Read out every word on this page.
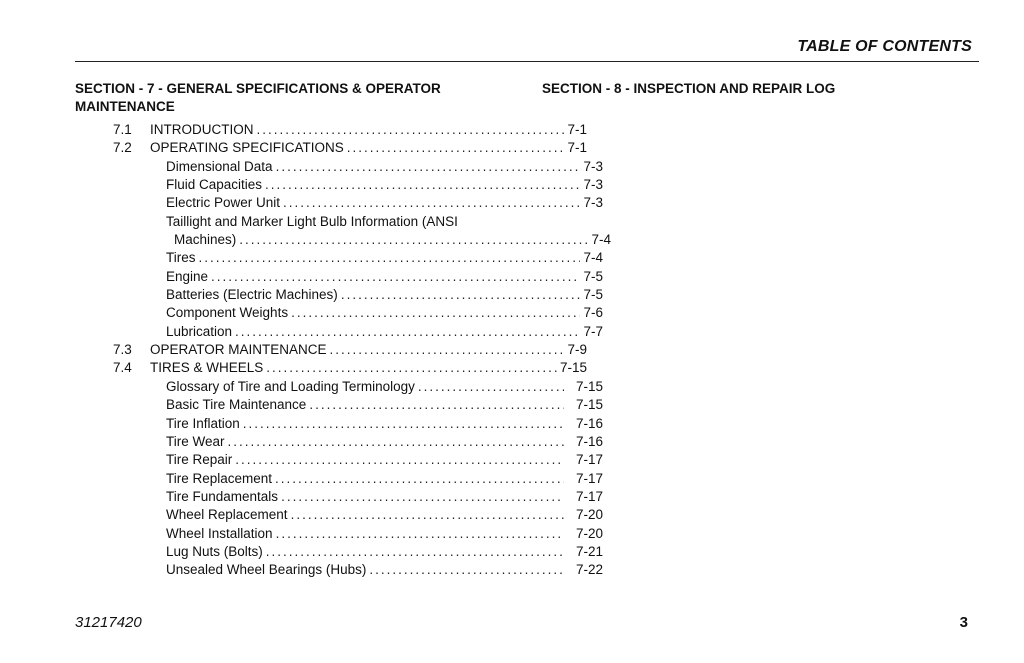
TABLE OF CONTENTS
SECTION - 7 - GENERAL SPECIFICATIONS & OPERATOR MAINTENANCE
SECTION - 8 - INSPECTION AND REPAIR LOG
7.1 INTRODUCTION .....	7-1
7.2 OPERATING SPECIFICATIONS .....	7-1
Dimensional Data .....	7-3
Fluid Capacities .....	7-3
Electric Power Unit .....	7-3
Taillight and Marker Light Bulb Information (ANSI
Machines) .....	7-4
Tires .....	7-4
Engine .....	7-5
Batteries (Electric Machines) .....	7-5
Component Weights .....	7-6
Lubrication .....	7-7
7.3 OPERATOR MAINTENANCE .....	7-9
7.4 TIRES & WHEELS .....	7-15
Glossary of Tire and Loading Terminology .....	7-15
Basic Tire Maintenance .....	7-15
Tire Inflation .....	7-16
Tire Wear .....	7-16
Tire Repair .....	7-17
Tire Replacement .....	7-17
Tire Fundamentals .....	7-17
Wheel Replacement .....	7-20
Wheel Installation .....	7-20
Lug Nuts (Bolts) .....	7-21
Unsealed Wheel Bearings (Hubs) .....	7-22
31217420	3
